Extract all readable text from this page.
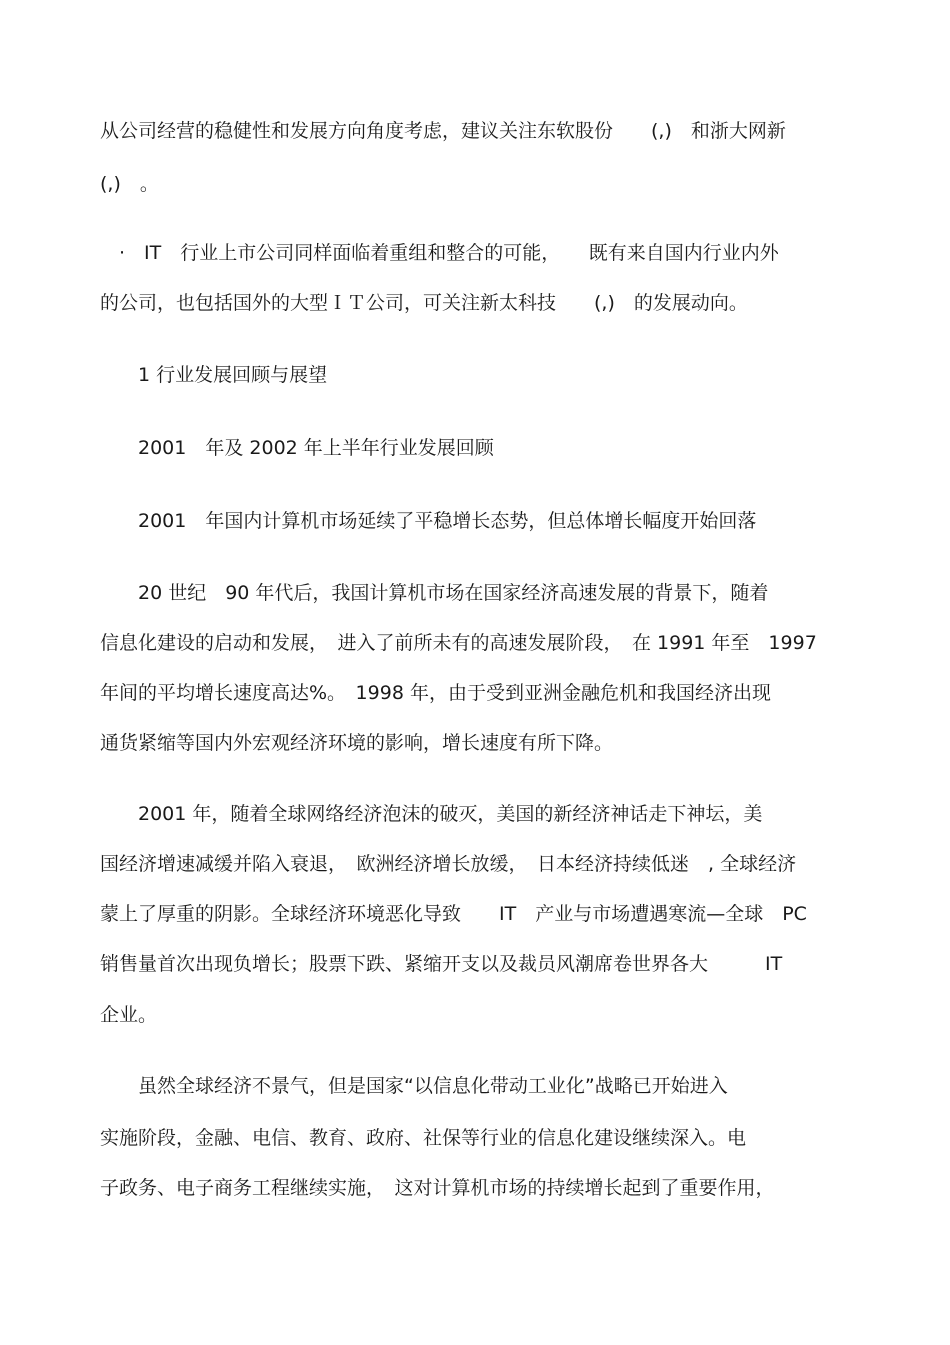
从公司经营的稳健性和发展方向角度考虑，建议关注东软股份　　(,)　和浙大网新

(,)　。

　·　IT　行业上市公司同样面临着重组和整合的可能，　　既有来自国内行业内外

的公司，也包括国外的大型ＩＴ公司，可关注新太科技　　(,)　的发展动向。

　　1 行业发展回顾与展望

　　2001　年及 2002 年上半年行业发展回顾

　　2001　年国内计算机市场延续了平稳增长态势，但总体增长幅度开始回落

　　20 世纪　90 年代后，我国计算机市场在国家经济高速发展的背景下，随着

信息化建设的启动和发展，　进入了前所未有的高速发展阶段，　在 1991 年至　1997

年间的平均增长速度高达%。　1998 年，由于受到亚洲金融危机和我国经济出现

通货紧缩等国内外宏观经济环境的影响，增长速度有所下降。

　　2001 年，随着全球网络经济泡沫的破灭，美国的新经济神话走下神坛，美

国经济增速减缓并陷入衰退，　欧洲经济增长放缓，　日本经济持续低迷　, 全球经济

蒙上了厚重的阴影。全球经济环境恶化导致　　IT　产业与市场遭遇寒流—全球　PC

销售量首次出现负增长；股票下跌、紧缩开支以及裁员风潮席卷世界各大　　　IT

企业。

　　虽然全球经济不景气，但是国家“以信息化带动工业化”战略已开始进入

实施阶段，金融、电信、教育、政府、社保等行业的信息化建设继续深入。电

子政务、电子商务工程继续实施，　这对计算机市场的持续增长起到了重要作用，
